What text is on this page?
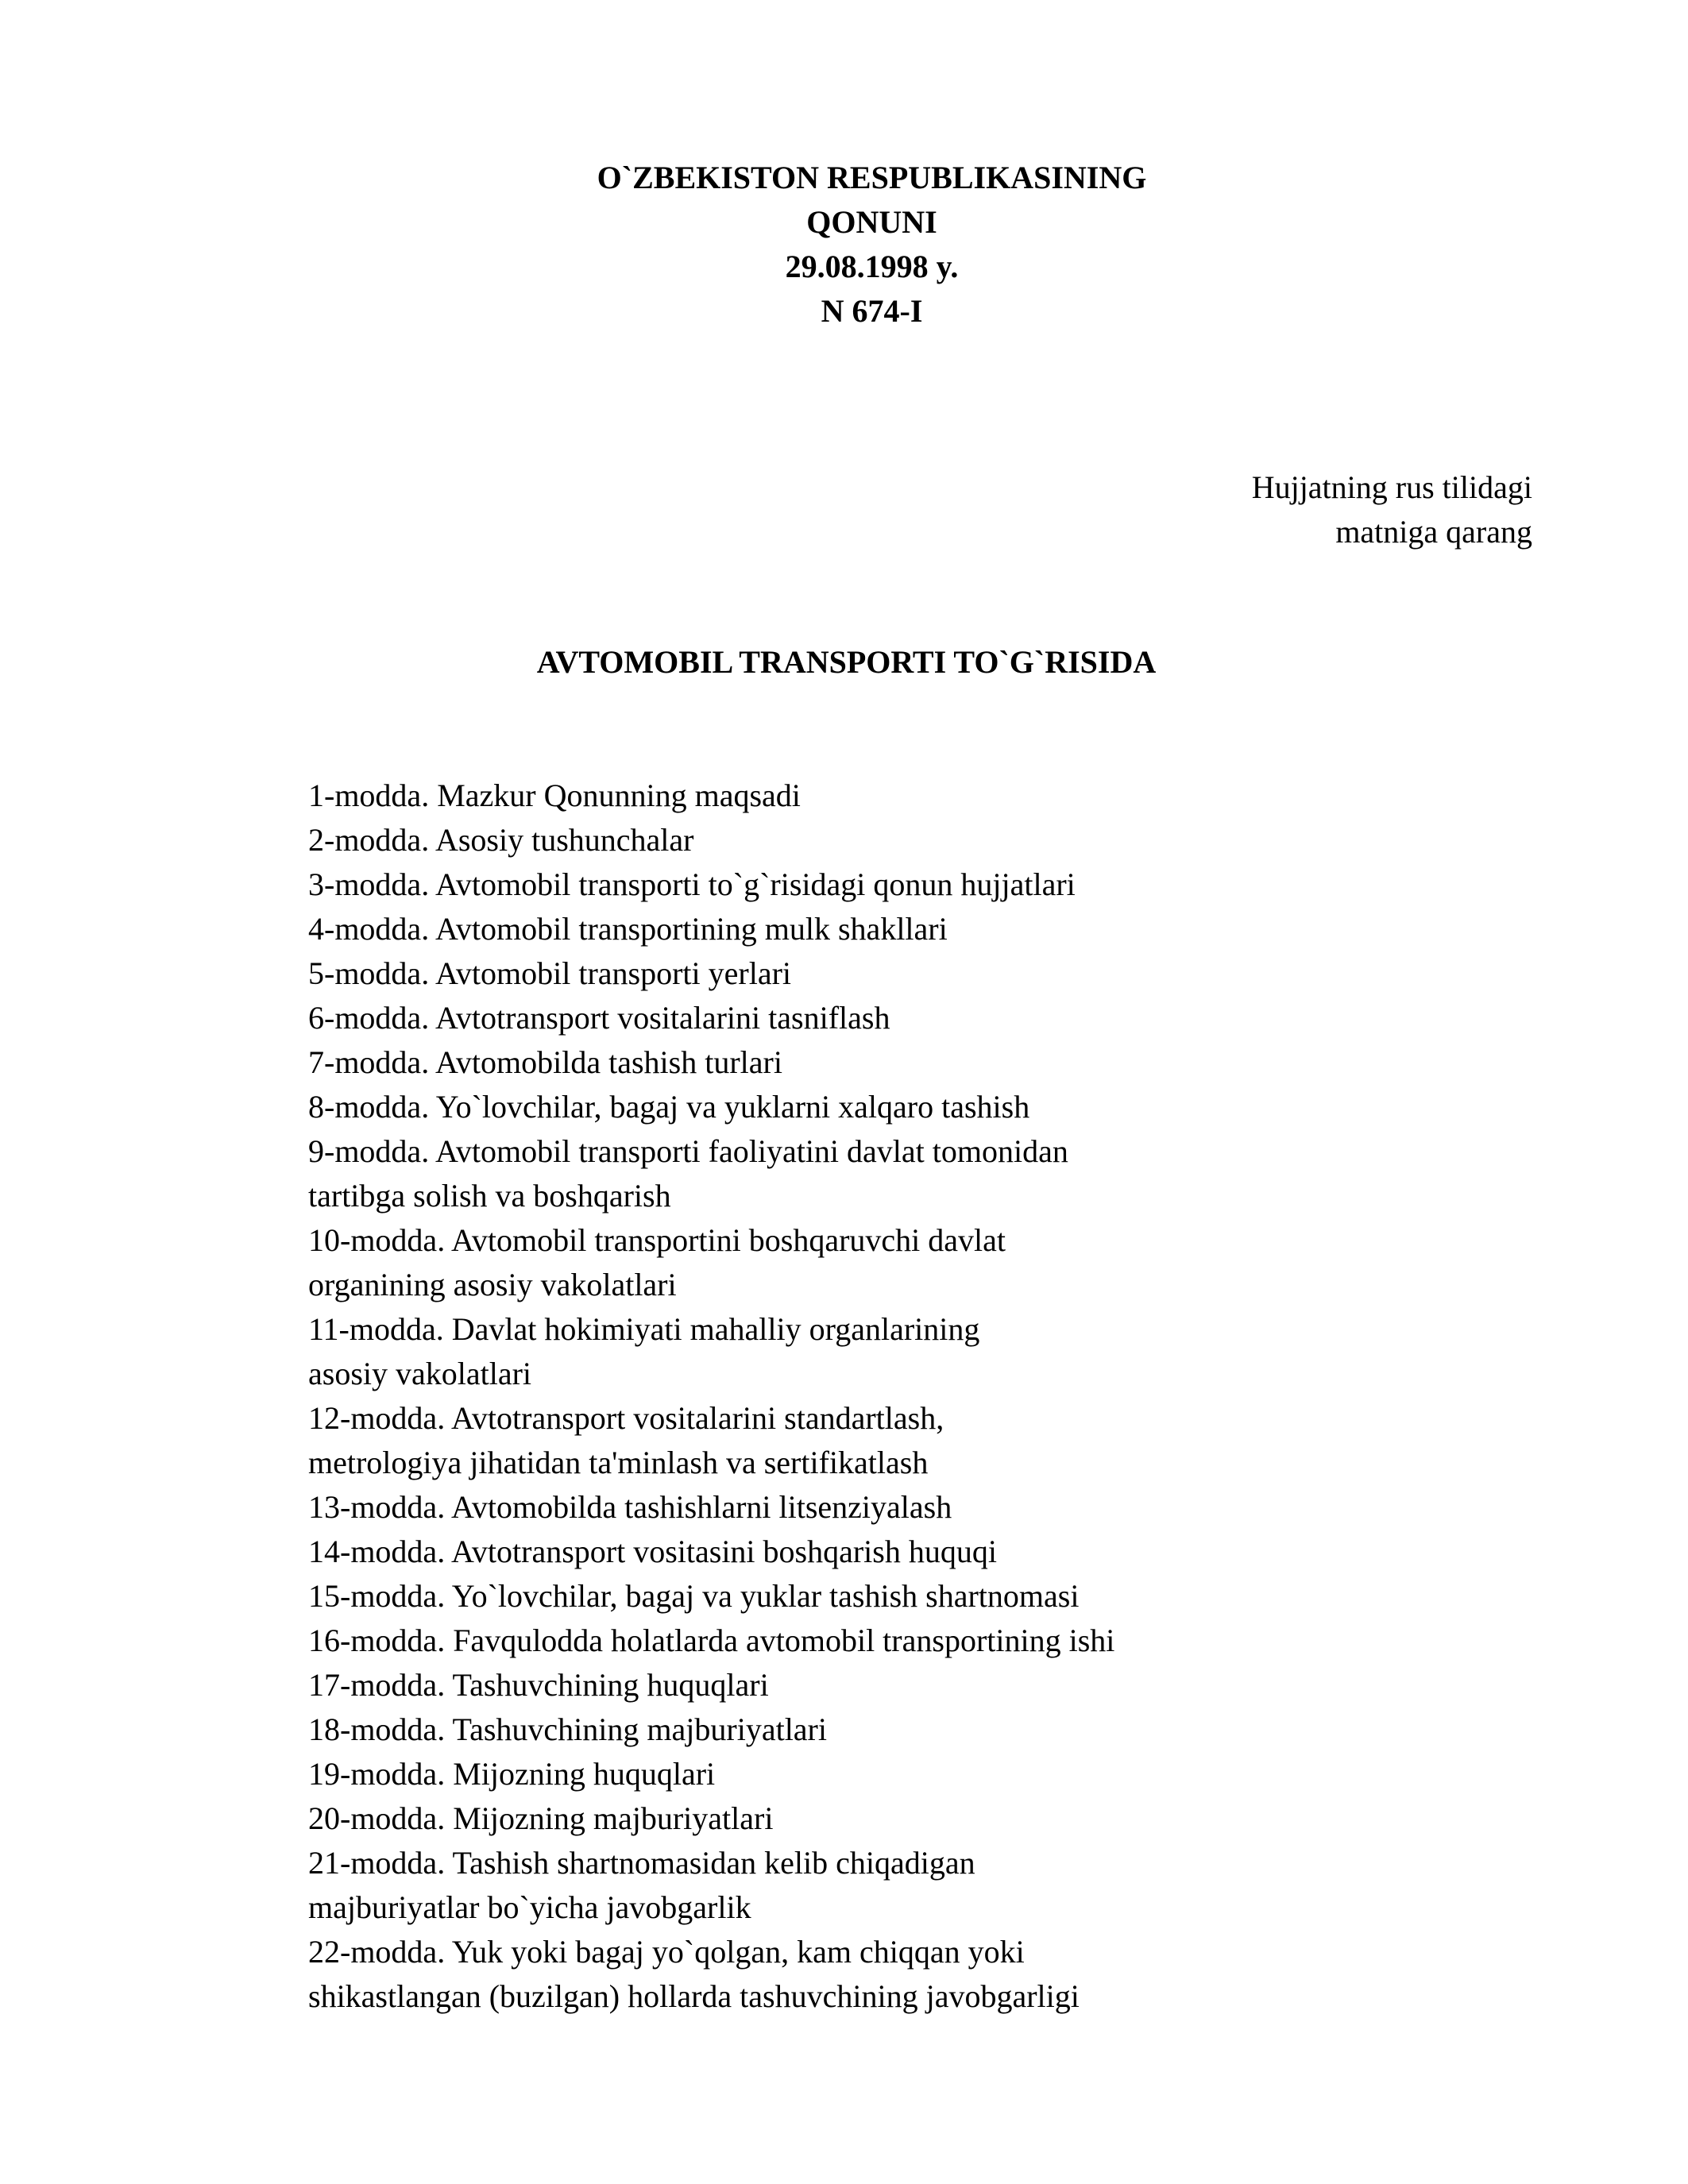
O`ZBEKISTON RESPUBLIKASINING
QONUNI
29.08.1998 y.
N 674-I
Hujjatning rus tilidagi
matniga qarang
AVTOMOBIL TRANSPORTI TO`G`RISIDA
1-modda. Mazkur Qonunning maqsadi
2-modda. Asosiy tushunchalar
3-modda. Avtomobil transporti to`g`risidagi qonun hujjatlari
4-modda. Avtomobil transportining mulk shakllari
5-modda. Avtomobil transporti yerlari
6-modda. Avtotransport vositalarini tasniflash
7-modda. Avtomobilda tashish turlari
8-modda. Yo`lovchilar, bagaj va yuklarni xalqaro tashish
9-modda. Avtomobil transporti faoliyatini davlat tomonidan
tartibga solish va boshqarish
10-modda. Avtomobil transportini boshqaruvchi davlat
organining asosiy vakolatlari
11-modda. Davlat hokimiyati mahalliy organlarining
asosiy vakolatlari
12-modda. Avtotransport vositalarini standartlash,
metrologiya jihatidan ta'minlash va sertifikatlash
13-modda. Avtomobilda tashishlarni litsenziyalash
14-modda. Avtotransport vositasini boshqarish huquqi
15-modda. Yo`lovchilar, bagaj va yuklar tashish shartnomasi
16-modda. Favqulodda holatlarda avtomobil transportining ishi
17-modda. Tashuvchining huquqlari
18-modda. Tashuvchining majburiyatlari
19-modda. Mijozning huquqlari
20-modda. Mijozning majburiyatlari
21-modda. Tashish shartnomasidan kelib chiqadigan
majburiyatlar bo`yicha javobgarlik
22-modda. Yuk yoki bagaj yo`qolgan, kam chiqqan yoki
shikastlangan (buzilgan) hollarda tashuvchining javobgarligi
